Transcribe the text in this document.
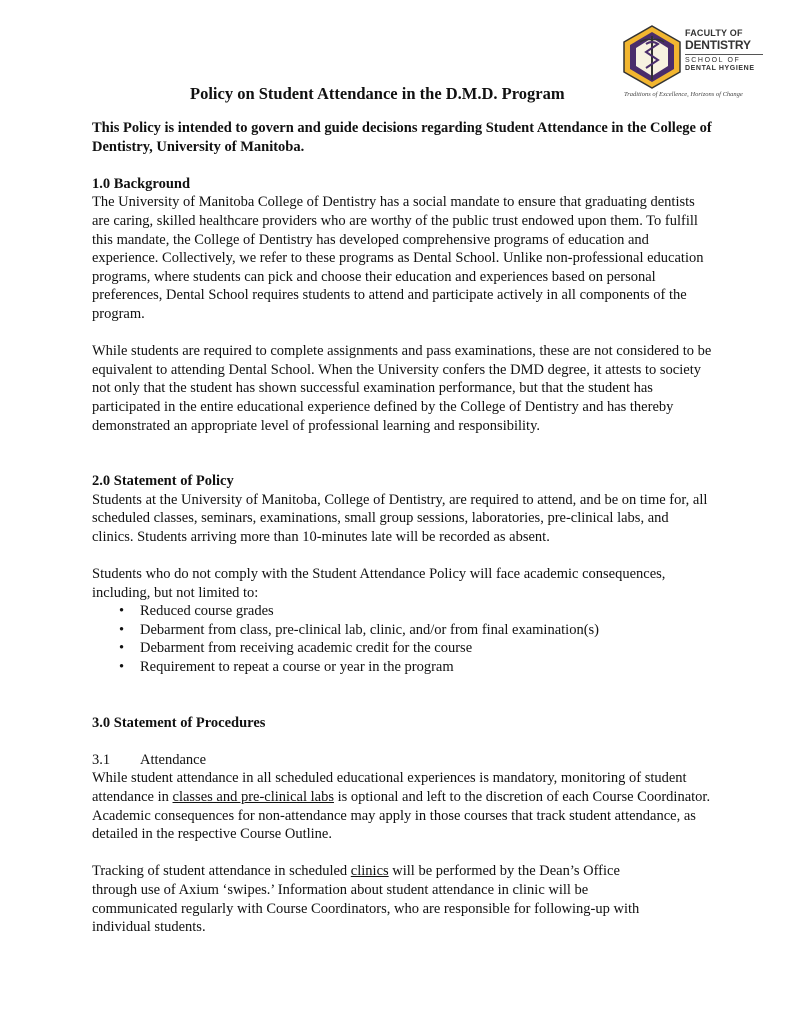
FACULTY OF
DENTISTRY
SCHOOL OF
DENTAL HYGIENE
Traditions of Excellence, Horizons of Change
Policy on Student Attendance in the D.M.D. Program

This Policy is intended to govern and guide decisions regarding Student Attendance in the College of Dentistry, University of Manitoba.

1.0 Background

The University of Manitoba College of Dentistry has a social mandate to ensure that graduating dentists are caring, skilled healthcare providers who are worthy of the public trust endowed upon them. To fulfill this mandate, the College of Dentistry has developed comprehensive programs of education and experience. Collectively, we refer to these programs as Dental School. Unlike non-professional education programs, where students can pick and choose their education and experiences based on personal preferences, Dental School requires students to attend and participate actively in all components of the program.

While students are required to complete assignments and pass examinations, these are not considered to be equivalent to attending Dental School. When the University confers the DMD degree, it attests to society not only that the student has shown successful examination performance, but that the student has participated in the entire educational experience defined by the College of Dentistry and has thereby demonstrated an appropriate level of professional learning and responsibility.

2.0 Statement of Policy

Students at the University of Manitoba, College of Dentistry, are required to attend, and be on time for, all scheduled classes, seminars, examinations, small group sessions, laboratories, pre-clinical labs, and clinics. Students arriving more than 10-minutes late will be recorded as absent.

Students who do not comply with the Student Attendance Policy will face academic consequences, including, but not limited to:

• Reduced course grades
• Debarment from class, pre-clinical lab, clinic, and/or from final examination(s)
• Debarment from receiving academic credit for the course
• Requirement to repeat a course or year in the program
3.0 Statement of Procedures
3.1 Attendance

While student attendance in all scheduled educational experiences is mandatory, monitoring of student attendance in classes and pre-clinical labs is optional and left to the discretion of each Course Coordinator. Academic consequences for non-attendance may apply in those courses that track student attendance, as detailed in the respective Course Outline.

Tracking of student attendance in scheduled clinics will be performed by the Dean’s Office through use of Axium ‘swipes.’ Information about student attendance in clinic will be communicated regularly with Course Coordinators, who are responsible for following-up with individual students.
